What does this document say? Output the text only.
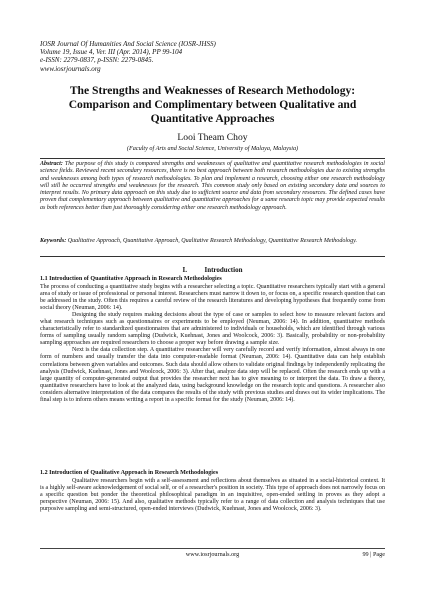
IOSR Journal Of Humanities And Social Science (IOSR-JHSS)
Volume 19, Issue 4, Ver. III (Apr. 2014), PP 99-104
e-ISSN: 2279-0837, p-ISSN: 2279-0845.
www.iosrjournals.org
The Strengths and Weaknesses of Research Methodology: Comparison and Complimentary between Qualitative and Quantitative Approaches
Looi Theam Choy
(Faculty of Arts and Social Science, University of Malaya, Malaysia)
Abstract: The purpose of this study is compared strengths and weaknesses of qualitative and quantitative research methodologies in social science fields. Reviewed recent secondary resources, there is no best approach between both research methodologies due to existing strengths and weaknesses among both types of research methodologies. To plan and implement a research, choosing either one research methodology will still be occurred strengths and weaknesses for the research. This common study only based on existing secondary data and sources to interpret results. No primary data approach on this study due to sufficient source and data from secondary resources. The defined cases have proven that complementary approach between qualitative and quantitative approaches for a same research topic may provide expected results as both references better than just thoroughly considering either one research methodology approach.
Keywords: Qualitative Approach, Quantitative Approach, Qualitative Research Methodology, Quantitative Research Methodology.
I.	Introduction
1.1 Introduction of Quantitative Approach in Research Methodologies

The process of conducting a quantitative study begins with a researcher selecting a topic. Quantitative researchers typically start with a general area of study or issue of professional or personal interest. Researchers must narrow it down to, or focus on, a specific research question that can be addressed in the study. Often this requires a careful review of the research literatures and developing hypotheses that frequently come from social theory (Neuman, 2006: 14).

Designing the study requires making decisions about the type of case or samples to select how to measure relevant factors and what research techniques such as questionnaires or experiments to be employed (Neuman, 2006: 14). In addition, quantitative methods characteristically refer to standardized questionnaires that are administered to individuals or households, which are identified through various forms of sampling usually random sampling (Dudwick, Kuehnast, Jones and Woolcock, 2006: 3). Basically, probability or non-probability sampling approaches are required researchers to choose a proper way before drawing a sample size.

Next is the data collection step. A quantitative researcher will very carefully record and verify information, almost always in one form of numbers and usually transfer the data into computer-readable format (Neuman, 2006: 14). Quantitative data can help establish correlations between given variables and outcomes. Such data should allow others to validate original findings by independently replicating the analysis (Dudwick, Kuehnast, Jones and Woolcock, 2006: 3). After that, analyze data step will be replaced. Often the research ends up with a large quantity of computer-generated output that provides the researcher next has to give meaning to or interpret the data. To draw a theory, quantitative researchers have to look at the analyzed data, using background knowledge on the research topic and questions. A researcher also considers alternative interpretation of the data compares the results of the study with previous studies and draws out its wider implications. The final step is to inform others means writing a report in a specific format for the study (Neuman, 2006: 14).

1.2 Introduction of Qualitative Approach in Research Methodologies

Qualitative researchers begin with a self-assessment and reflections about themselves as situated in a social-historical context. It is a highly self-aware acknowledgement of social self, or of a researcher's position in society. This type of approach does not narrowly focus on a specific question but ponder the theoretical philosophical paradigm in an inquisitive, open-ended settling in proves as they adopt a perspective (Neuman, 2006: 15). And also, qualitative methods typically refer to a range of data collection and analysis techniques that use purposive sampling and semi-structured, open-ended interviews (Dudwick, Kuehnast, Jones and Woolcock, 2006: 3).

www.iosrjournals.org	99 | Page
